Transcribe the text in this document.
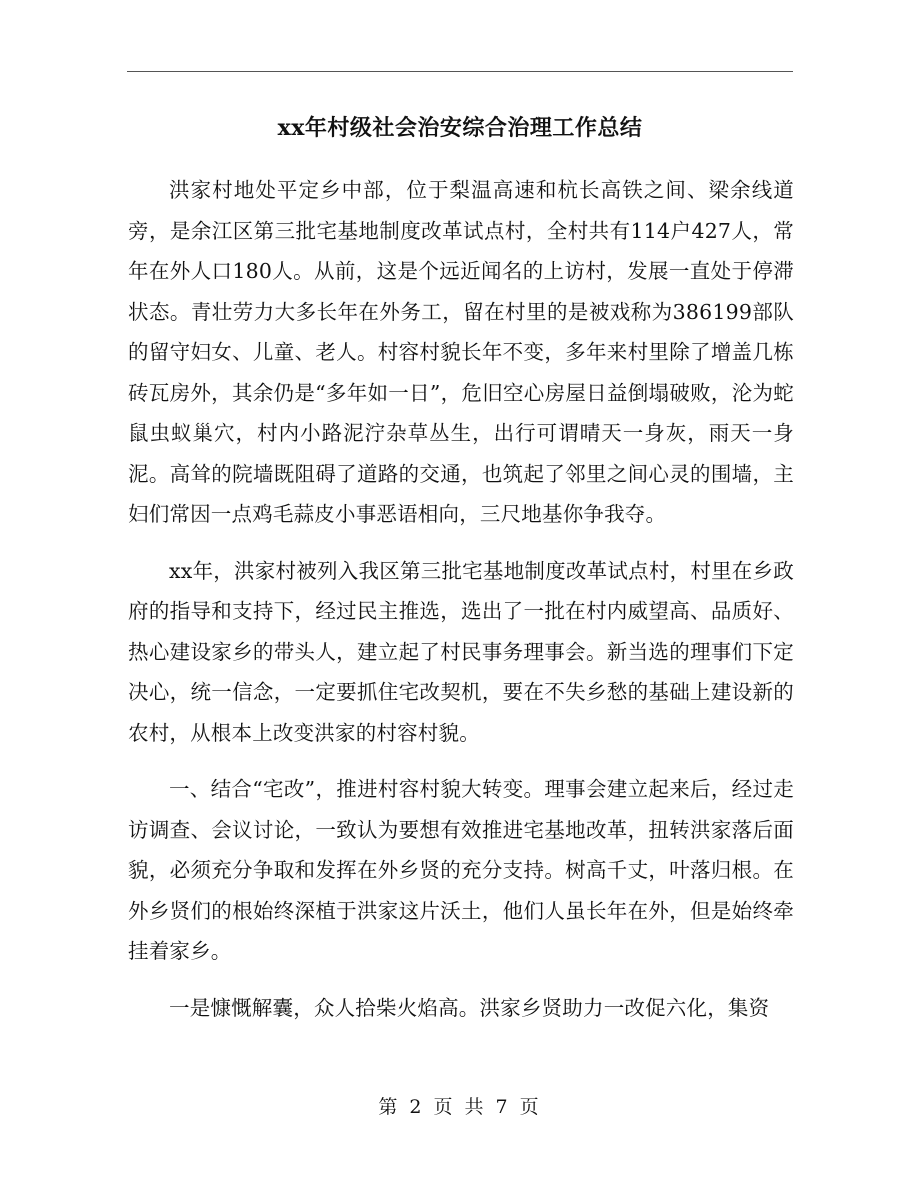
xx年村级社会治安综合治理工作总结

洪家村地处平定乡中部，位于梨温高速和杭长高铁之间、梁余线道旁，是余江区第三批宅基地制度改革试点村，全村共有114户427人，常年在外人口180人。从前，这是个远近闻名的上访村，发展一直处于停滞状态。青壮劳力大多长年在外务工，留在村里的是被戏称为386199部队的留守妇女、儿童、老人。村容村貌长年不变，多年来村里除了增盖几栋砖瓦房外，其余仍是“多年如一日”，危旧空心房屋日益倒塌破败，沦为蛇鼠虫蚁巢穴，村内小路泥泞杂草丛生，出行可谓晴天一身灰，雨天一身泥。高耸的院墙既阻碍了道路的交通，也筑起了邻里之间心灵的围墙，主妇们常因一点鸡毛蒜皮小事恶语相向，三尺地基你争我夺。

xx年，洪家村被列入我区第三批宅基地制度改革试点村，村里在乡政府的指导和支持下，经过民主推选，选出了一批在村内威望高、品质好、热心建设家乡的带头人，建立起了村民事务理事会。新当选的理事们下定决心，统一信念，一定要抓住宅改契机，要在不失乡愁的基础上建设新的农村，从根本上改变洪家的村容村貌。

一、结合“宅改”，推进村容村貌大转变。理事会建立起来后，经过走访调查、会议讨论，一致认为要想有效推进宅基地改革，扭转洪家落后面貌，必须充分争取和发挥在外乡贤的充分支持。树高千丈，叶落归根。在外乡贤们的根始终深植于洪家这片沃土，他们人虽长年在外，但是始终牵挂着家乡。

一是慷慨解囊，众人拾柴火焰高。洪家乡贤助力一改促六化，集资

第 2 页 共 7 页
